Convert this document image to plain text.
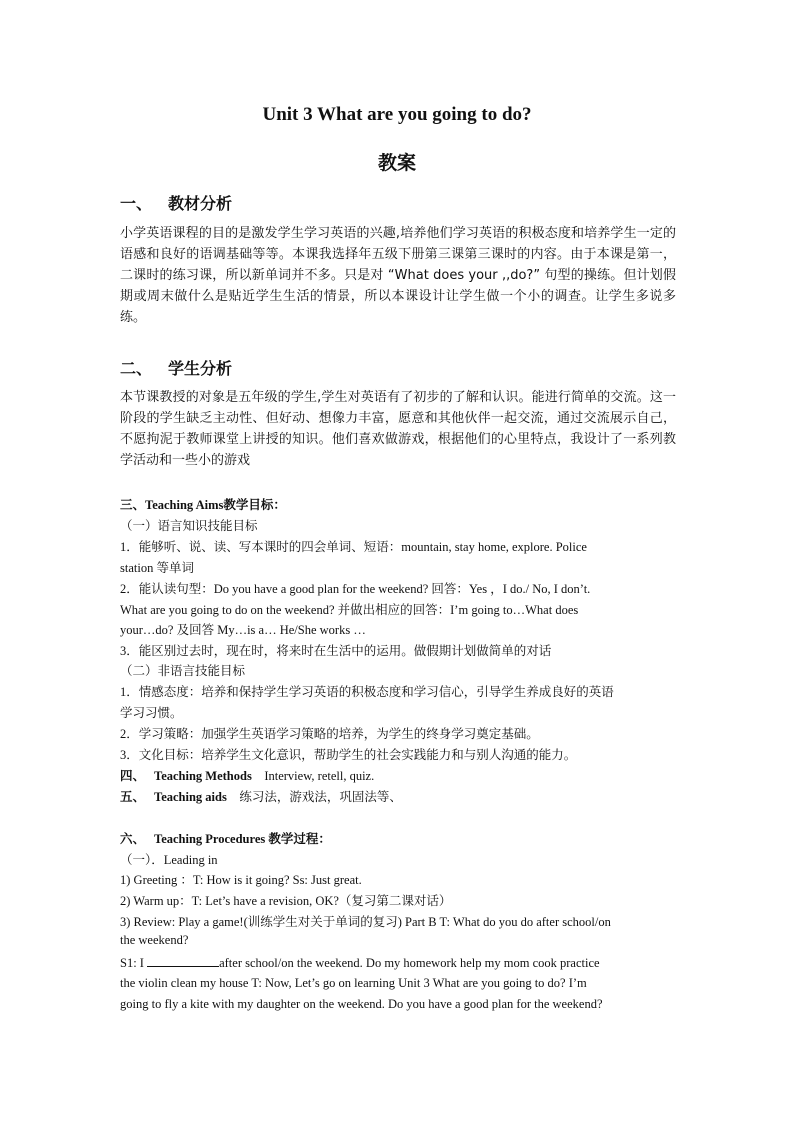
Unit 3 What are you going to do?
教案
一、 教材分析
小学英语课程的目的是激发学生学习英语的兴趣,培养他们学习英语的积极态度和培养学生一定的语感和良好的语调基础等等。本课我选择年五级下册第三课第三课时的内容。由于本课是第一，二课时的练习课，所以新单词并不多。只是对 “What does your ,,do?” 句型的操练。但计划假期或周末做什么是贴近学生生活的情景，所以本课设计让学生做一个小的调查。让学生多说多练。
二、 学生分析
本节课教授的对象是五年级的学生,学生对英语有了初步的了解和认识。能进行简单的交流。这一阶段的学生缺乏主动性、但好动、想像力丰富，愿意和其他伙伴一起交流，通过交流展示自己，不愿拘泥于教师课堂上讲授的知识。他们喜欢做游戏，根据他们的心里特点，我设计了一系列教学活动和一些小的游戏
三、Teaching Aims教学目标：
（一）语言知识技能目标
1．能够听、说、读、写本课时的四会单词、短语：mountain, stay home, explore. Police
station 等单词
2．能认读句型：Do you have a good plan for the weekend? 回答：Yes ，I do./ No, I don’t.
What are you going to do on the weekend? 并做出相应的回答：I’m going to…What does
your…do? 及回答 My…is a… He/She works …
3．能区别过去时，现在时，将来时在生活中的运用。做假期计划做简单的对话
（二）非语言技能目标
1．情感态度：培养和保持学生学习英语的积极态度和学习信心，引导学生养成良好的英语
学习习惯。
2．学习策略：加强学生英语学习策略的培养，为学生的终身学习奠定基础。
3．文化目标：培养学生文化意识，帮助学生的社会实践能力和与别人沟通的能力。
四、 Teaching Methods Interview, retell, quiz.
五、 Teaching aids 练习法，游戏法，巩固法等、
六、 Teaching Procedures 教学过程：
（一）．Leading in
1) Greeting ：T: How is it going? Ss: Just great.
2) Warm up：T: Let’s have a revision, OK?（复习第二课对话）
3) Review: Play a game!(训练学生对关于单词的复习) Part B T: What do you do after school/on
the weekend?
S1: I	after school/on the weekend. Do my homework help my mom cook practice
the violin clean my house T: Now, Let’s go on learning Unit 3 What are you going to do? I’m
going to fly a kite with my daughter on the weekend. Do you have a good plan for the weekend?
